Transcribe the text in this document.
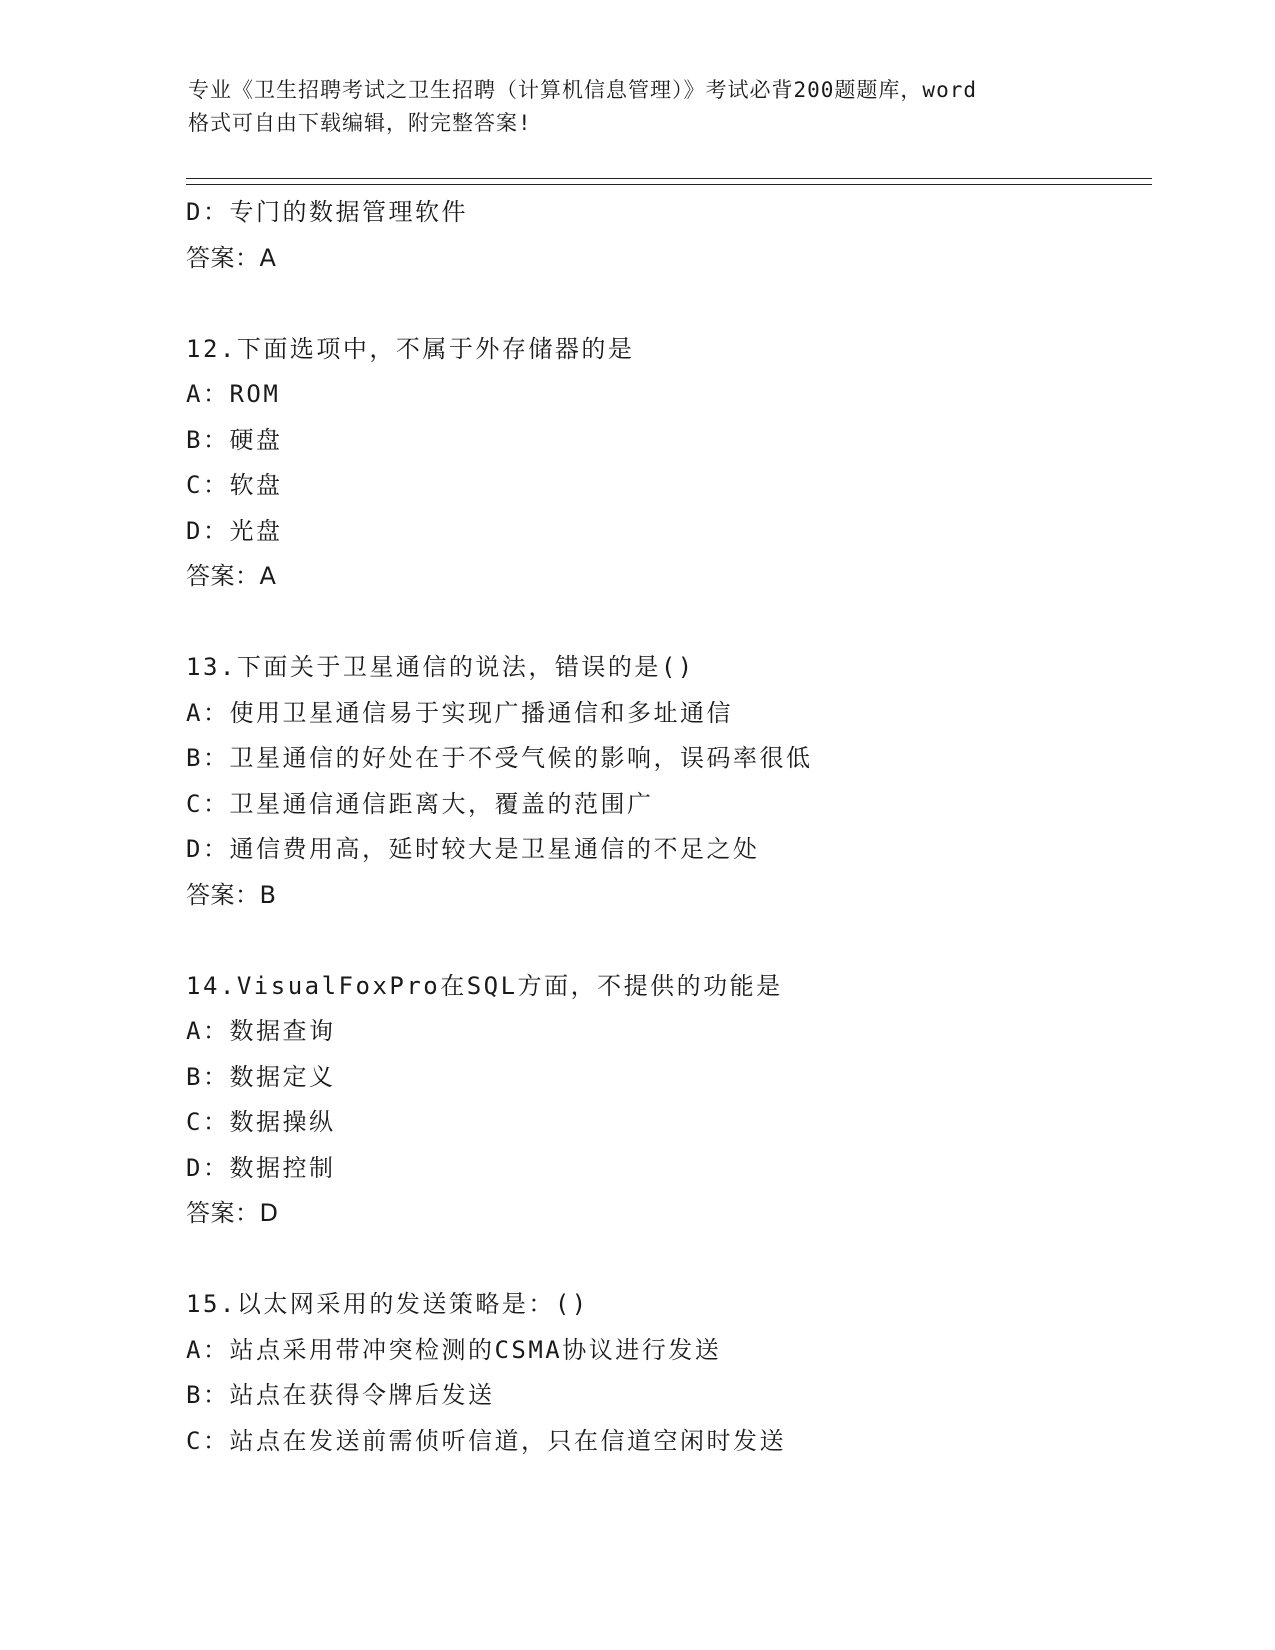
专业《卫生招聘考试之卫生招聘（计算机信息管理）》考试必背200题题库，word
格式可自由下载编辑，附完整答案!
D：专门的数据管理软件
答案：A
12.下面选项中，不属于外存储器的是
A：ROM
B：硬盘
C：软盘
D：光盘
答案：A
13.下面关于卫星通信的说法，错误的是()
A：使用卫星通信易于实现广播通信和多址通信
B：卫星通信的好处在于不受气候的影响，误码率很低
C：卫星通信通信距离大，覆盖的范围广
D：通信费用高，延时较大是卫星通信的不足之处
答案：B
14.VisualFoxPro在SQL方面，不提供的功能是
A：数据查询
B：数据定义
C：数据操纵
D：数据控制
答案：D
15.以太网采用的发送策略是：()
A：站点采用带冲突检测的CSMA协议进行发送
B：站点在获得令牌后发送
C：站点在发送前需侦听信道，只在信道空闲时发送
